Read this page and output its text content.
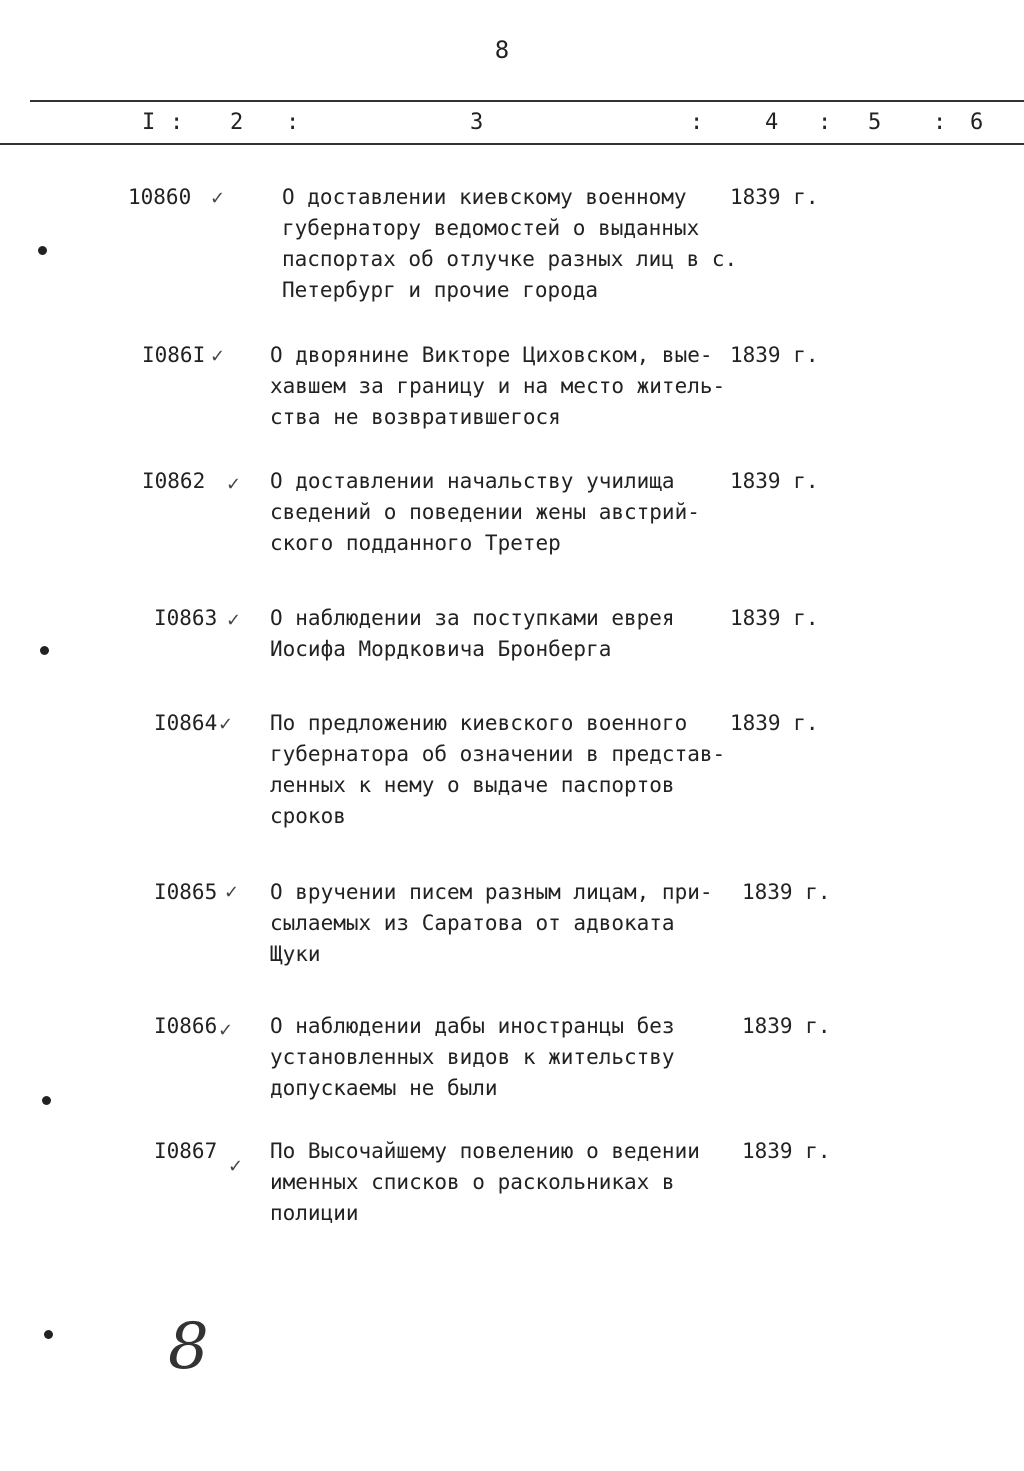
8
I : 2 :	3	:	4 : 5 : 6
10860 ✓	О доставлении киевскому военному
губернатору ведомостей о выданных
паспортах об отлучке разных лиц в с.
Петербург и прочие города
1839 г.
I086I ✓ О дворянине Викторе Циховском, вые-
хавшем за границу и на место житель-
ства не возвратившегося
1839 г.
I0862 ✓ О доставлении начальству училища
сведений о поведении жены австрий-
ского подданного Третер
1839 г.
I0863 ✓ О наблюдении за поступками еврея
Иосифа Мордковича Бронберга
1839 г.
I0864 ✓ По предложению киевского военного
губернатора об означении в представ-
ленных к нему о выдаче паспортов
сроков
1839 г.
I0865 ✓ О вручении писем разным лицам, при-
сылаемых из Саратова от адвоката
Щуки
1839 г.
I0866 ✓ О наблюдении дабы иностранцы без
установленных видов к жительству
допускаемы не были
1839 г.
I0867
✓
По Высочайшему повелению о ведении
именных списков о раскольниках в
полиции
1839 г.
8
